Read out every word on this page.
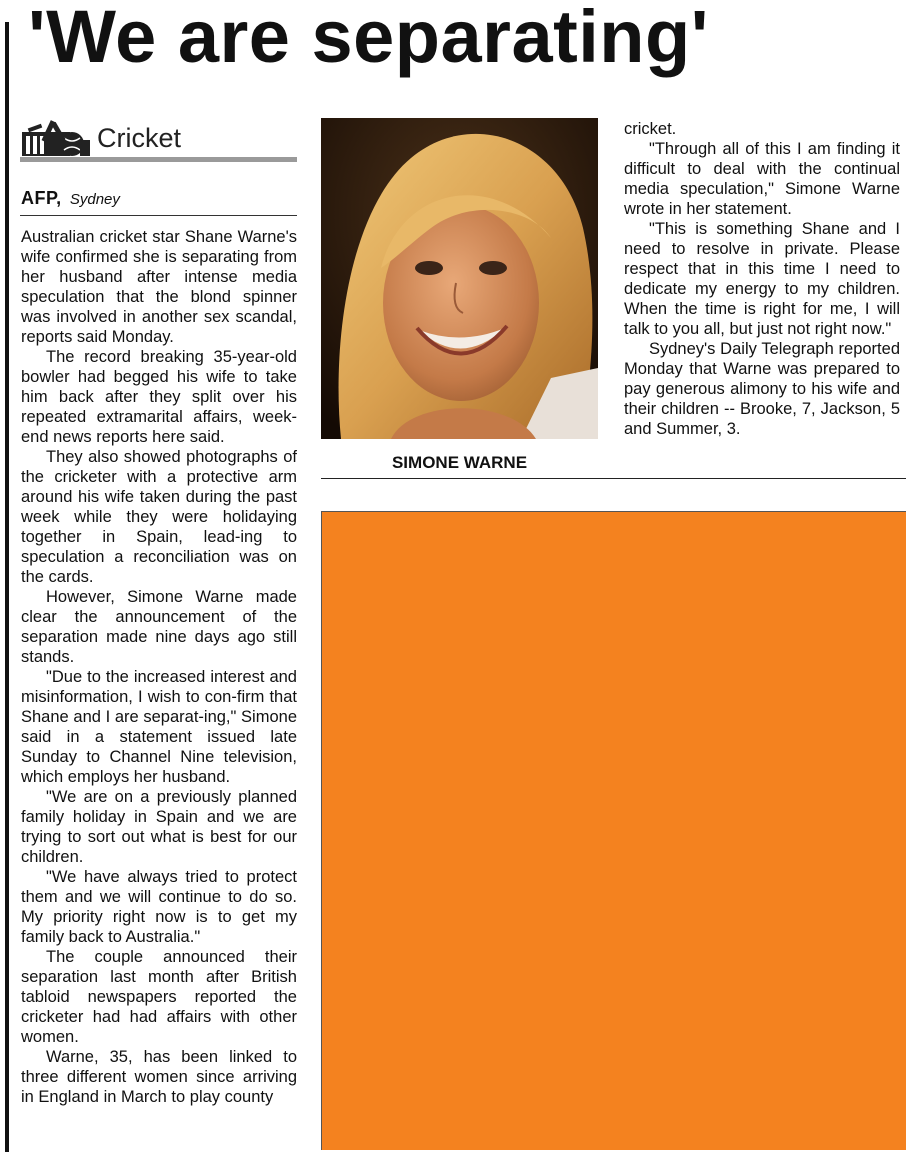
'We are separating'
Cricket
AFP, Sydney

Australian cricket star Shane Warne's wife confirmed she is separating from her husband after intense media speculation that the blond spinner was involved in another sex scandal, reports said Monday.

The record breaking 35-year-old bowler had begged his wife to take him back after they split over his repeated extramarital affairs, week-end news reports here said.

They also showed photographs of the cricketer with a protective arm around his wife taken during the past week while they were holidaying together in Spain, lead-ing to speculation a reconciliation was on the cards.

However, Simone Warne made clear the announcement of the separation made nine days ago still stands.

"Due to the increased interest and misinformation, I wish to con-firm that Shane and I are separat-ing," Simone said in a statement issued late Sunday to Channel Nine television, which employs her husband.

"We are on a previously planned family holiday in Spain and we are trying to sort out what is best for our children.

"We have always tried to protect them and we will continue to do so. My priority right now is to get my family back to Australia."

The couple announced their separation last month after British tabloid newspapers reported the cricketer had had affairs with other women.

Warne, 35, has been linked to three different women since arriving in England in March to play county

SIMONE WARNE

cricket.

"Through all of this I am finding it difficult to deal with the continual media speculation," Simone Warne wrote in her statement.

"This is something Shane and I need to resolve in private. Please respect that in this time I need to dedicate my energy to my children. When the time is right for me, I will talk to you all, but just not right now."

Sydney's Daily Telegraph reported Monday that Warne was prepared to pay generous alimony to his wife and their children -- Brooke, 7, Jackson, 5 and Summer, 3.
